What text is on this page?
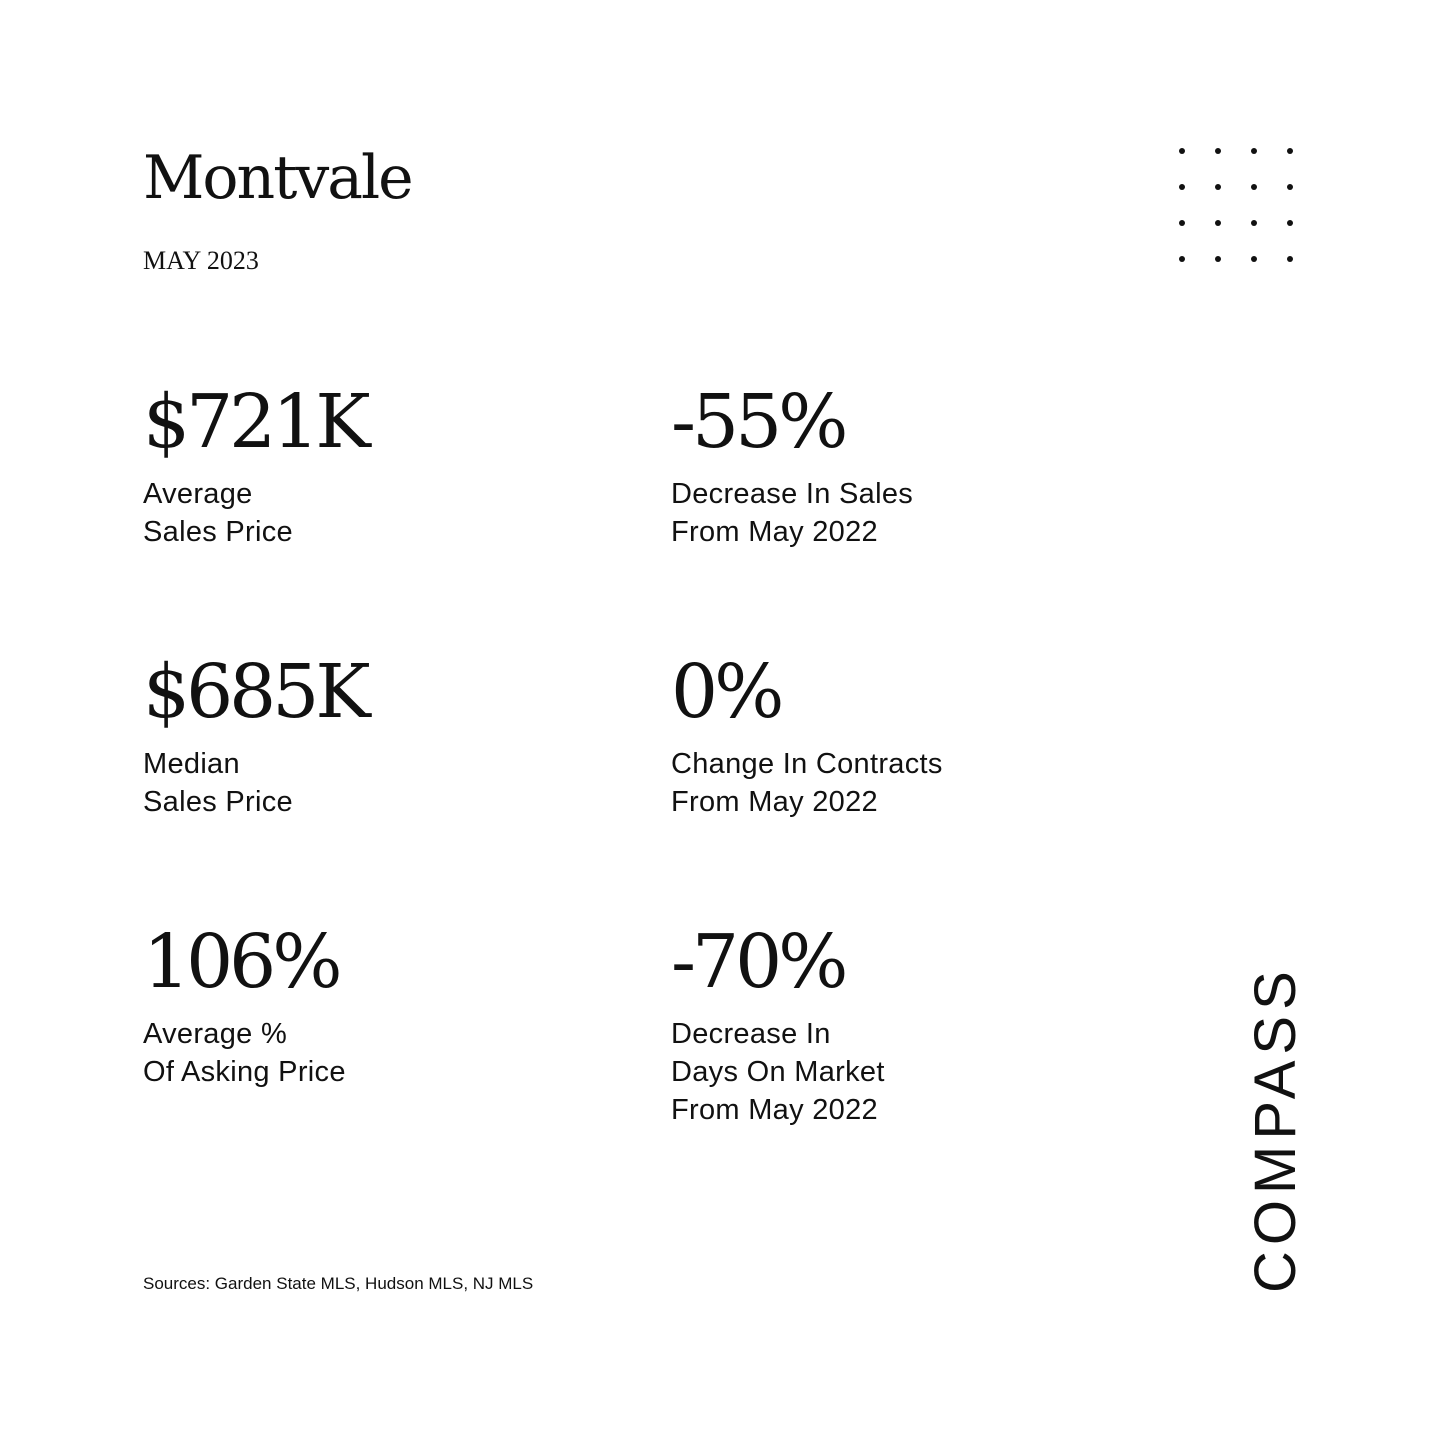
Montvale
MAY 2023
$721K
Average
Sales Price
-55%
Decrease In Sales
From May 2022
$685K
Median
Sales Price
0%
Change In Contracts
From May 2022
106%
Average %
Of Asking Price
-70%
Decrease In
Days On Market
From May 2022
Sources: Garden State MLS, Hudson MLS, NJ MLS	COMPASS
